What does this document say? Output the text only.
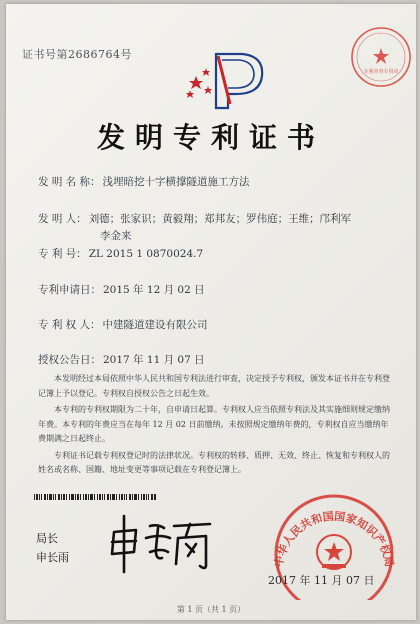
证书号第2686764号
专利审查专用章
发明专利证书
发 明 名 称： 浅埋暗挖十字横撑隧道施工方法
发 明 人： 刘德；张家识；黄毅翔；郑邦友；罗伟庭；王维；邝利军
李金来
专 利 号： ZL 2015 1 0870024.7
专利申请日： 2015 年 12 月 02 日
专 利 权 人： 中建隧道建设有限公司
授权公告日： 2017 年 11 月 07 日

本发明经过本局依照中华人民共和国专利法进行审查，决定授予专利权，颁发本证书并在专利登记簿上予以登记。专利权自授权公告之日起生效。

本专利的专利权期限为二十年，自申请日起算。专利权人应当依照专利法及其实施细则规定缴纳年费。本专利的年费应当在每年 12 月 02 日前缴纳。未按照规定缴纳年费的，专利权自应当缴纳年费期满之日起终止。

专利证书记载专利权登记时的法律状况。专利权的转移、质押、无效、终止、恢复和专利权人的姓名或名称、国籍、地址变更等事项记载在专利登记簿上。

局长
申长雨	中华人民共和国国家知识产权局
2017 年 11 月 07 日
第 1 页（共 1 页）
